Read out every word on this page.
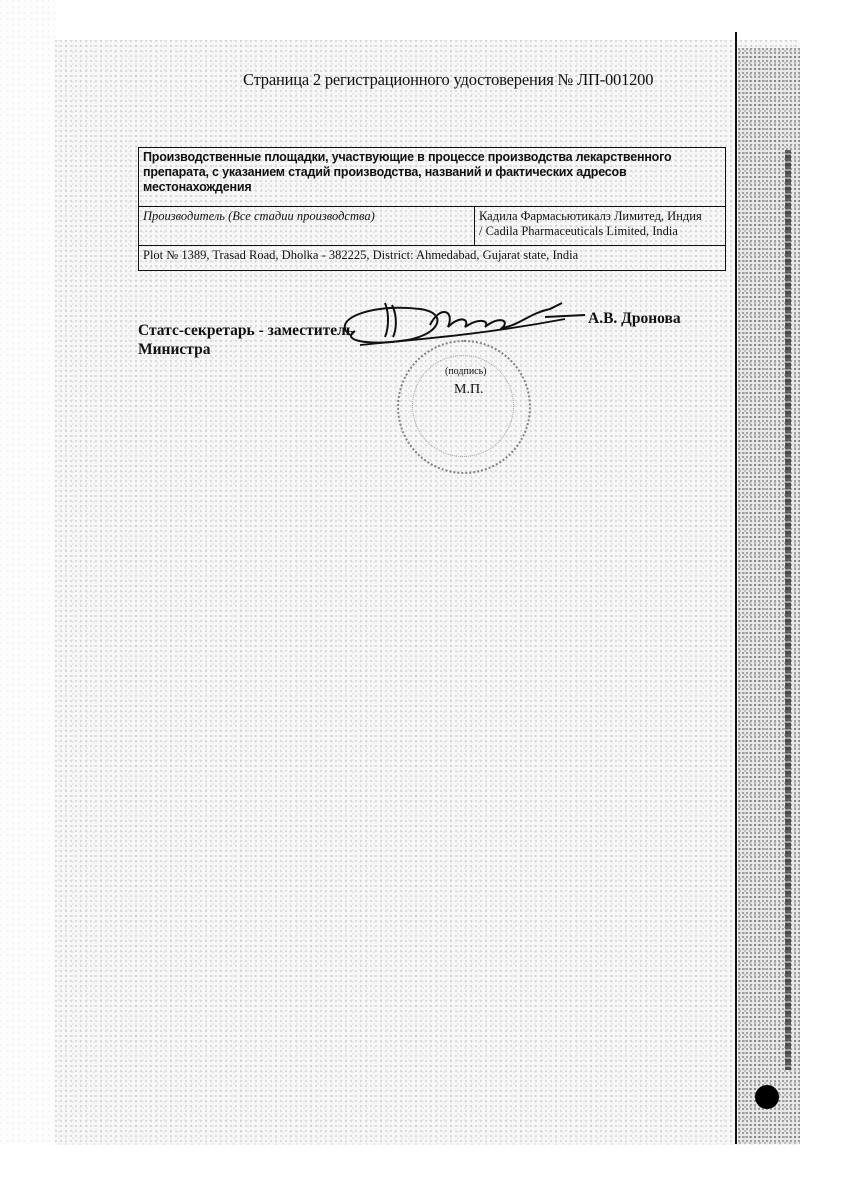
Страница 2 регистрационного удостоверения № ЛП-001200
Производственные площадки, участвующие в процессе производства лекарственного препарата, с указанием стадий производства, названий и фактических адресов местонахождения
Производитель (Все стадии производства)	Кадила Фармасьютикалз Лимитед, Индия
/ Cadila Pharmaceuticals Limited, India

Plot № 1389, Trasad Road, Dholka - 382225, District: Ahmedabad, Gujarat state, India
Статс-секретарь - заместитель
Министра
А.В. Дронова
(подпись)
М.П.
